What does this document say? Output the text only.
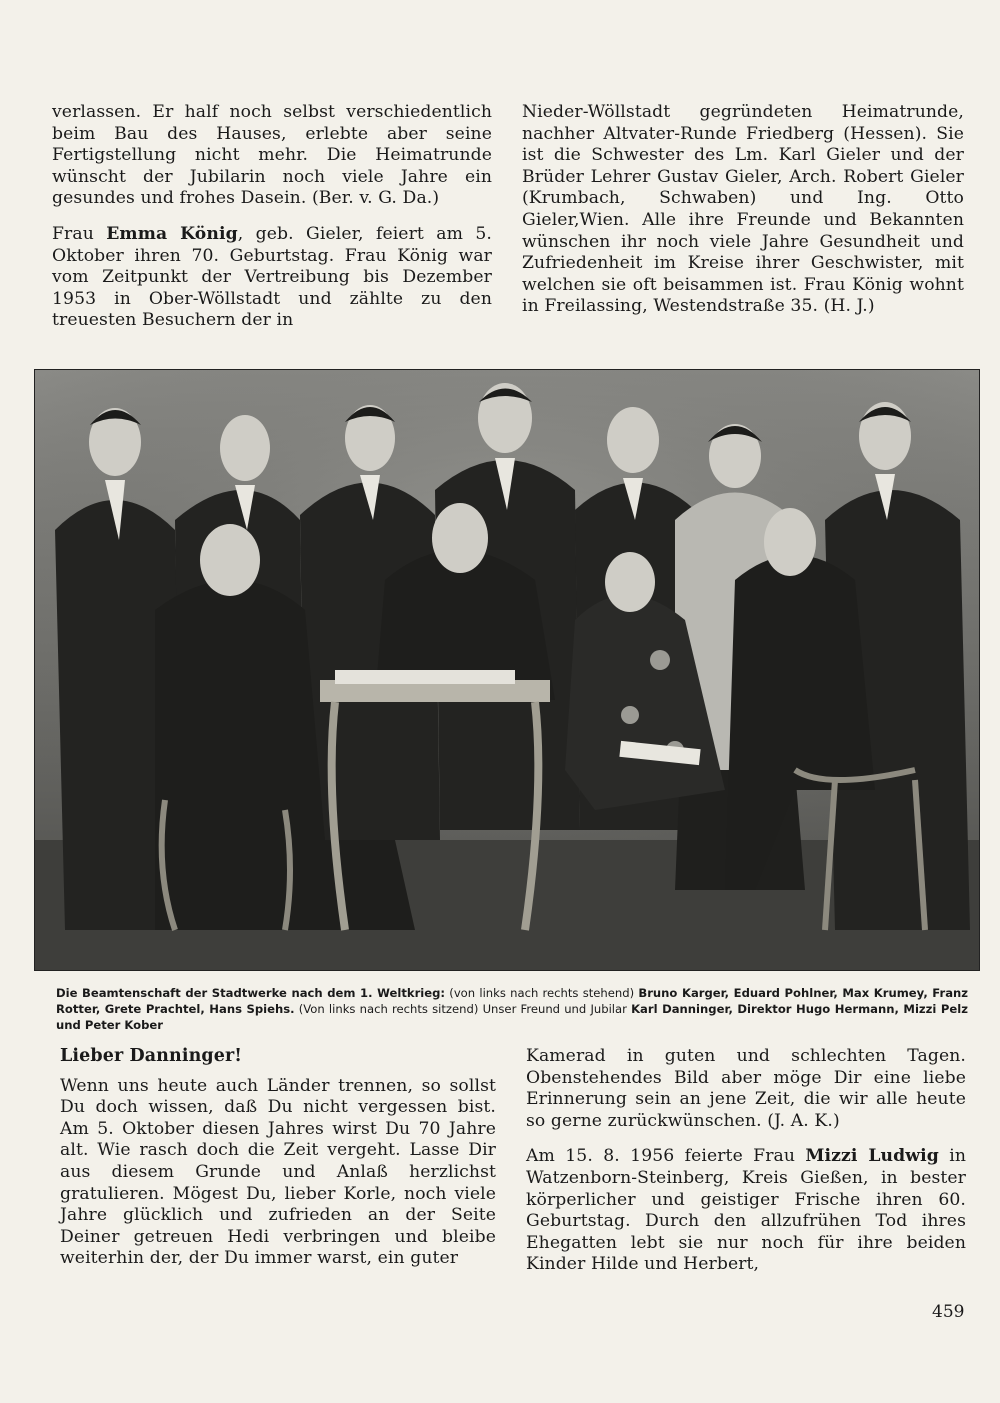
verlassen. Er half noch selbst verschiedentlich beim Bau des Hauses, erlebte aber seine Fertigstellung nicht mehr. Die Heimatrunde wünscht der Jubilarin noch viele Jahre ein gesundes und frohes Dasein. (Ber. v. G. Da.)

Frau Emma König, geb. Gieler, feiert am 5. Oktober ihren 70. Geburtstag. Frau König war vom Zeitpunkt der Vertreibung bis Dezember 1953 in Ober-Wöllstadt und zählte zu den treuesten Besuchern der in

Nieder-Wöllstadt gegründeten Heimatrunde, nachher Altvater-Runde Friedberg (Hessen). Sie ist die Schwester des Lm. Karl Gieler und der Brüder Lehrer Gustav Gieler, Arch. Robert Gieler (Krumbach, Schwaben) und Ing. Otto Gieler,Wien. Alle ihre Freunde und Bekannten wünschen ihr noch viele Jahre Gesundheit und Zufriedenheit im Kreise ihrer Geschwister, mit welchen sie oft beisammen ist. Frau König wohnt in Freilassing, Westendstraße 35. (H. J.)

Die Beamtenschaft der Stadtwerke nach dem 1. Weltkrieg: (von links nach rechts stehend) Bruno Karger, Eduard Pohlner, Max Krumey, Franz Rotter, Grete Prachtel, Hans Spiehs. (Von links nach rechts sitzend) Unser Freund und Jubilar Karl Danninger, Direktor Hugo Hermann, Mizzi Pelz und Peter Kober
Lieber Danninger!

Wenn uns heute auch Länder trennen, so sollst Du doch wissen, daß Du nicht vergessen bist. Am 5. Oktober diesen Jahres wirst Du 70 Jahre alt. Wie rasch doch die Zeit vergeht. Lasse Dir aus diesem Grunde und Anlaß herzlichst gratulieren. Mögest Du, lieber Korle, noch viele Jahre glücklich und zufrieden an der Seite Deiner getreuen Hedi verbringen und bleibe weiterhin der, der Du immer warst, ein guter

Kamerad in guten und schlechten Tagen. Obenstehendes Bild aber möge Dir eine liebe Erinnerung sein an jene Zeit, die wir alle heute so gerne zurückwünschen. (J. A. K.)

Am 15. 8. 1956 feierte Frau Mizzi Ludwig in Watzenborn-Steinberg, Kreis Gießen, in bester körperlicher und geistiger Frische ihren 60. Geburtstag. Durch den allzufrühen Tod ihres Ehegatten lebt sie nur noch für ihre beiden Kinder Hilde und Herbert,

459
